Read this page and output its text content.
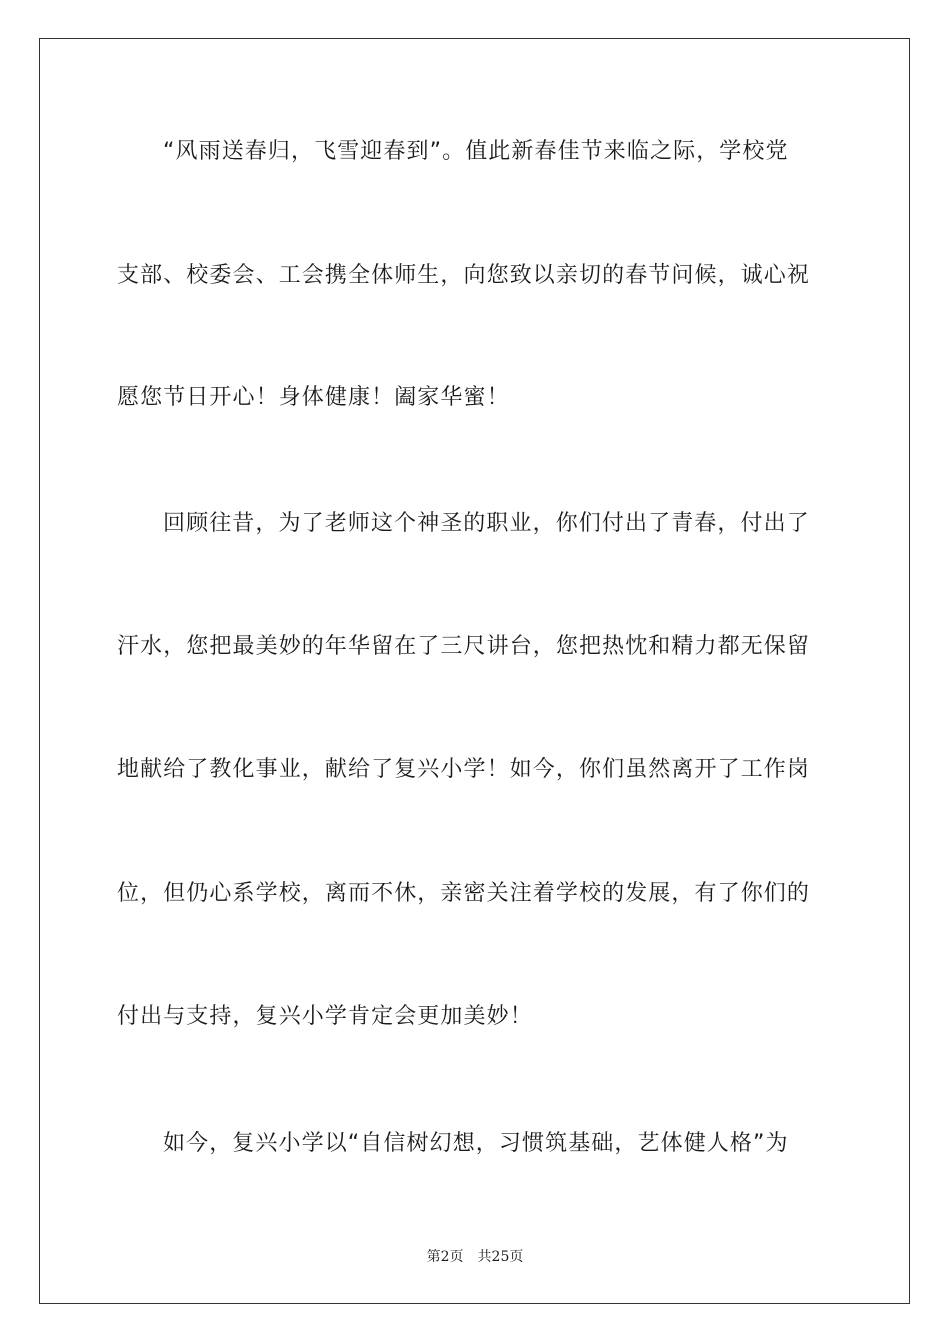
“风雨送春归，飞雪迎春到”。值此新春佳节来临之际，学校党
支部、校委会、工会携全体师生，向您致以亲切的春节问候，诚心祝
愿您节日开心！身体健康！阖家华蜜！
回顾往昔，为了老师这个神圣的职业，你们付出了青春，付出了
汗水，您把最美妙的年华留在了三尺讲台，您把热忱和精力都无保留
地献给了教化事业，献给了复兴小学！如今，你们虽然离开了工作岗
位，但仍心系学校，离而不休，亲密关注着学校的发展，有了你们的
付出与支持，复兴小学肯定会更加美妙！
如今，复兴小学以“自信树幻想，习惯筑基础，艺体健人格”为
第2页 共25页
